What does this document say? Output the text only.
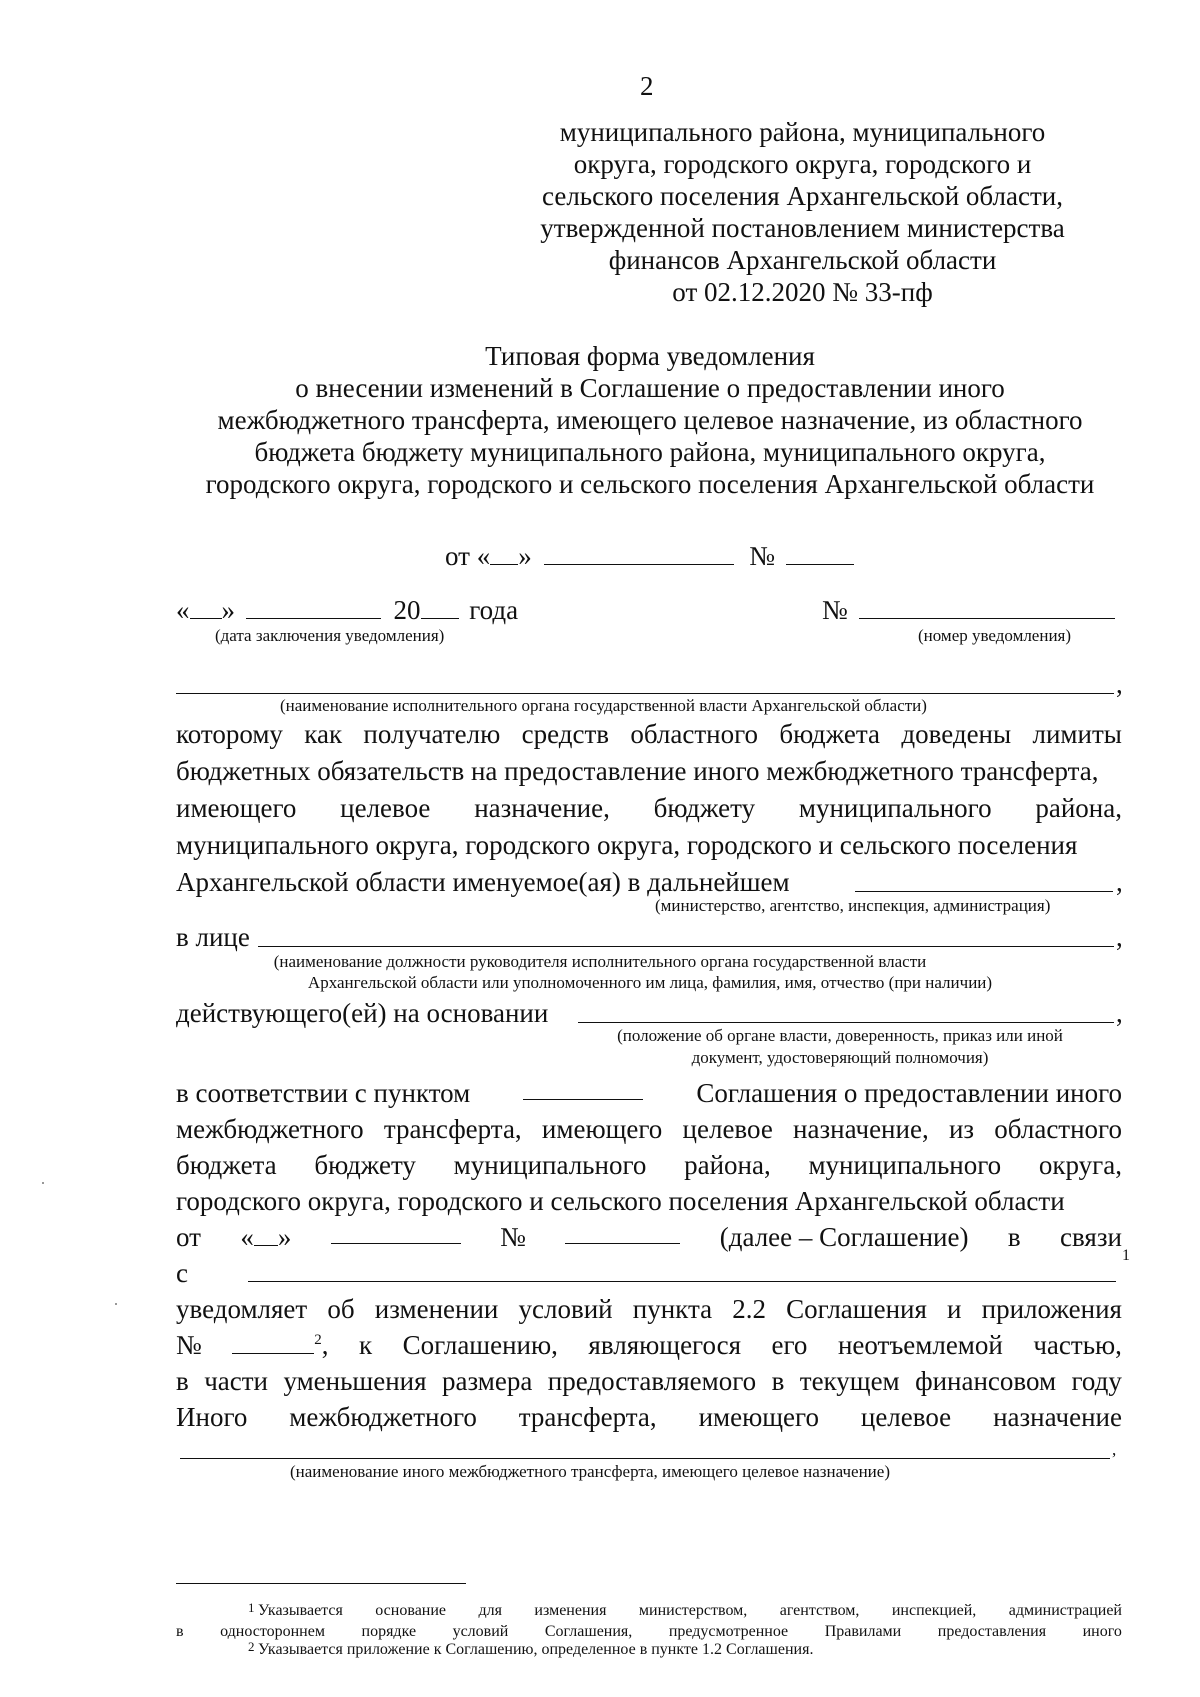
2
муниципального района, муниципального
округа, городского округа, городского и
сельского поселения Архангельской области,
утвержденной постановлением министерства
финансов Архангельской области
от 02.12.2020 № 33-пф
Типовая форма уведомления
о внесении изменений в Соглашение о предоставлении иного
межбюджетного трансферта, имеющего целевое назначение, из областного
бюджета бюджету муниципального района, муниципального округа,
городского округа, городского и сельского поселения Архангельской области
от « »	№
« »	20 года	№
(дата заключения уведомления)	(номер уведомления)
,
(наименование исполнительного органа государственной власти Архангельской области)
которому как получателю средств областного бюджета доведены лимиты
бюджетных обязательств на предоставление иного межбюджетного трансферта,
имеющего целевое назначение, бюджету муниципального района,
муниципального округа, городского округа, городского и сельского поселения
Архангельской области именуемое(ая) в дальнейшем	,
(министерство, агентство, инспекция, администрация)
в лице	,
(наименование должности руководителя исполнительного органа государственной власти
Архангельской области или уполномоченного им лица, фамилия, имя, отчество (при наличии)
действующего(ей) на основании	,
(положение об органе власти, доверенность, приказ или иной
документ, удостоверяющий полномочия)
в соответствии с пунктом	Соглашения о предоставлении иного
межбюджетного трансферта, имеющего целевое назначение, из областного
бюджета бюджету муниципального района, муниципального округа,
городского округа, городского и сельского поселения Архангельской области
от « »	№	(далее – Соглашение) в связи
с
1
уведомляет об изменении условий пункта 2.2 Соглашения и приложения
№	$^2$, к Соглашению, являющегося его неотъемлемой частью,
в части уменьшения размера предоставляемого в текущем финансовом году
Иного межбюджетного трансферта, имеющего целевое назначение
,
(наименование иного межбюджетного трансферта, имеющего целевое назначение)
1 Указывается основание для изменения министерством, агентством, инспекцией, администрацией
в одностороннем порядке условий Соглашения, предусмотренное Правилами предоставления иного
2 Указывается приложение к Соглашению, определенное в пункте 1.2 Соглашения.
